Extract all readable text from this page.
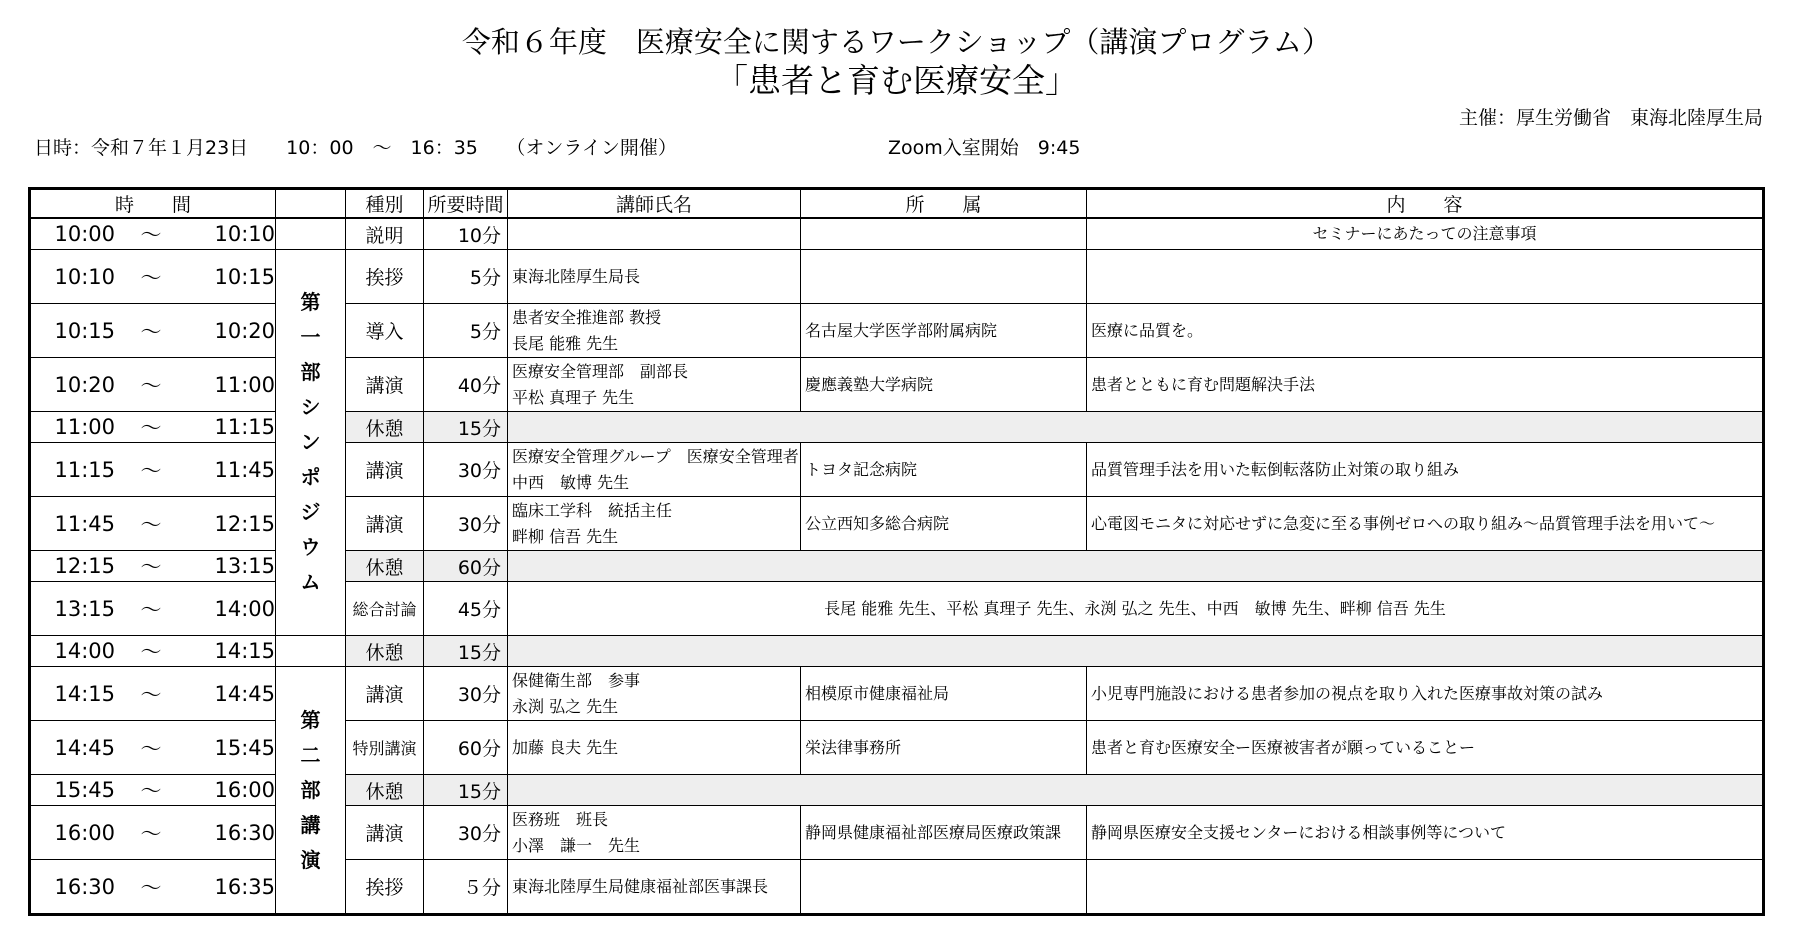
令和６年度　医療安全に関するワークショップ（講演プログラム）
「患者と育む医療安全」
主催：厚生労働省　東海北陸厚生局
日時：令和７年１月23日　　10：00　～　16：35　　（オンライン開催）	Zoom入室開始　9:45
時　　間		種別	所要時間	講師氏名	所　　属	内　　容

10:00 ～ 10:10		説明	10分			セミナーにあたっての注意事項

10:10 ～ 10:15	第一部シンポジウム	挨拶	5分	東海北陸厚生局長		

10:15 ～ 10:20		導入	5分	患者安全推進部 教授
長尾 能雅 先生	名古屋大学医学部附属病院	医療に品質を。

10:20 ～ 11:00		講演	40分	医療安全管理部　副部長
平松 真理子 先生	慶應義塾大学病院	患者とともに育む問題解決手法

11:00 ～ 11:15		休憩	15分			

11:15 ～ 11:45		講演	30分	医療安全管理グループ　医療安全管理者
中西　敏博 先生	トヨタ記念病院	品質管理手法を用いた転倒転落防止対策の取り組み

11:45 ～ 12:15		講演	30分	臨床工学科　統括主任
畔柳 信吾 先生	公立西知多総合病院	心電図モニタに対応せずに急変に至る事例ゼロへの取り組み～品質管理手法を用いて～

12:15 ～ 13:15		休憩	60分			

13:15 ～ 14:00		総合討論	45分	長尾 能雅 先生、平松 真理子 先生、永渕 弘之 先生、中西　敏博 先生、畔柳 信吾 先生		

14:00 ～ 14:15		休憩	15分			

14:15 ～ 14:45	第二部講演	講演	30分	保健衛生部　参事
永渕 弘之 先生	相模原市健康福祉局	小児専門施設における患者参加の視点を取り入れた医療事故対策の試み

14:45 ～ 15:45		特別講演	60分	加藤 良夫 先生	栄法律事務所	患者と育む医療安全ー医療被害者が願っていることー

15:45 ～ 16:00		休憩	15分			

16:00 ～ 16:30		講演	30分	医務班　班長
小澤　謙一　先生	静岡県健康福祉部医療局医療政策課	静岡県医療安全支援センターにおける相談事例等について

16:30 ～ 16:35		挨拶	５分	東海北陸厚生局健康福祉部医事課長		
